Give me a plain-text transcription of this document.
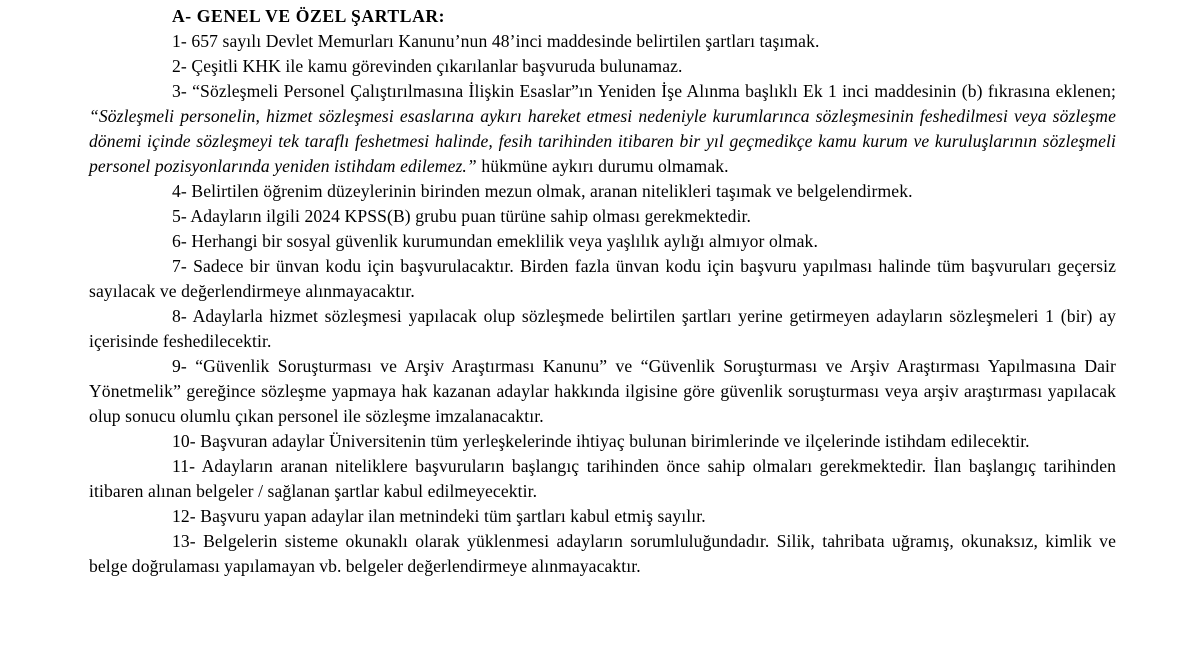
A- GENEL VE ÖZEL ŞARTLAR:

1- 657 sayılı Devlet Memurları Kanunu’nun 48’inci maddesinde belirtilen şartları taşımak.

2- Çeşitli KHK ile kamu görevinden çıkarılanlar başvuruda bulunamaz.

3- “Sözleşmeli Personel Çalıştırılmasına İlişkin Esaslar”ın Yeniden İşe Alınma başlıklı Ek 1 inci maddesinin (b) fıkrasına eklenen; “Sözleşmeli personelin, hizmet sözleşmesi esaslarına aykırı hareket etmesi nedeniyle kurumlarınca sözleşmesinin feshedilmesi veya sözleşme dönemi içinde sözleşmeyi tek taraflı feshetmesi halinde, fesih tarihinden itibaren bir yıl geçmedikçe kamu kurum ve kuruluşlarının sözleşmeli personel pozisyonlarında yeniden istihdam edilemez.” hükmüne aykırı durumu olmamak.

4- Belirtilen öğrenim düzeylerinin birinden mezun olmak, aranan nitelikleri taşımak ve belgelendirmek.

5- Adayların ilgili 2024 KPSS(B) grubu puan türüne sahip olması gerekmektedir.

6- Herhangi bir sosyal güvenlik kurumundan emeklilik veya yaşlılık aylığı almıyor olmak.

7- Sadece bir ünvan kodu için başvurulacaktır. Birden fazla ünvan kodu için başvuru yapılması halinde tüm başvuruları geçersiz sayılacak ve değerlendirmeye alınmayacaktır.

8- Adaylarla hizmet sözleşmesi yapılacak olup sözleşmede belirtilen şartları yerine getirmeyen adayların sözleşmeleri 1 (bir) ay içerisinde feshedilecektir.

9- “Güvenlik Soruşturması ve Arşiv Araştırması Kanunu” ve “Güvenlik Soruşturması ve Arşiv Araştırması Yapılmasına Dair Yönetmelik” gereğince sözleşme yapmaya hak kazanan adaylar hakkında ilgisine göre güvenlik soruşturması veya arşiv araştırması yapılacak olup sonucu olumlu çıkan personel ile sözleşme imzalanacaktır.

10- Başvuran adaylar Üniversitenin tüm yerleşkelerinde ihtiyaç bulunan birimlerinde ve ilçelerinde istihdam edilecektir.

11- Adayların aranan niteliklere başvuruların başlangıç tarihinden önce sahip olmaları gerekmektedir. İlan başlangıç tarihinden itibaren alınan belgeler / sağlanan şartlar kabul edilmeyecektir.

12- Başvuru yapan adaylar ilan metnindeki tüm şartları kabul etmiş sayılır.

13- Belgelerin sisteme okunaklı olarak yüklenmesi adayların sorumluluğundadır. Silik, tahribata uğramış, okunaksız, kimlik ve belge doğrulaması yapılamayan vb. belgeler değerlendirmeye alınmayacaktır.
